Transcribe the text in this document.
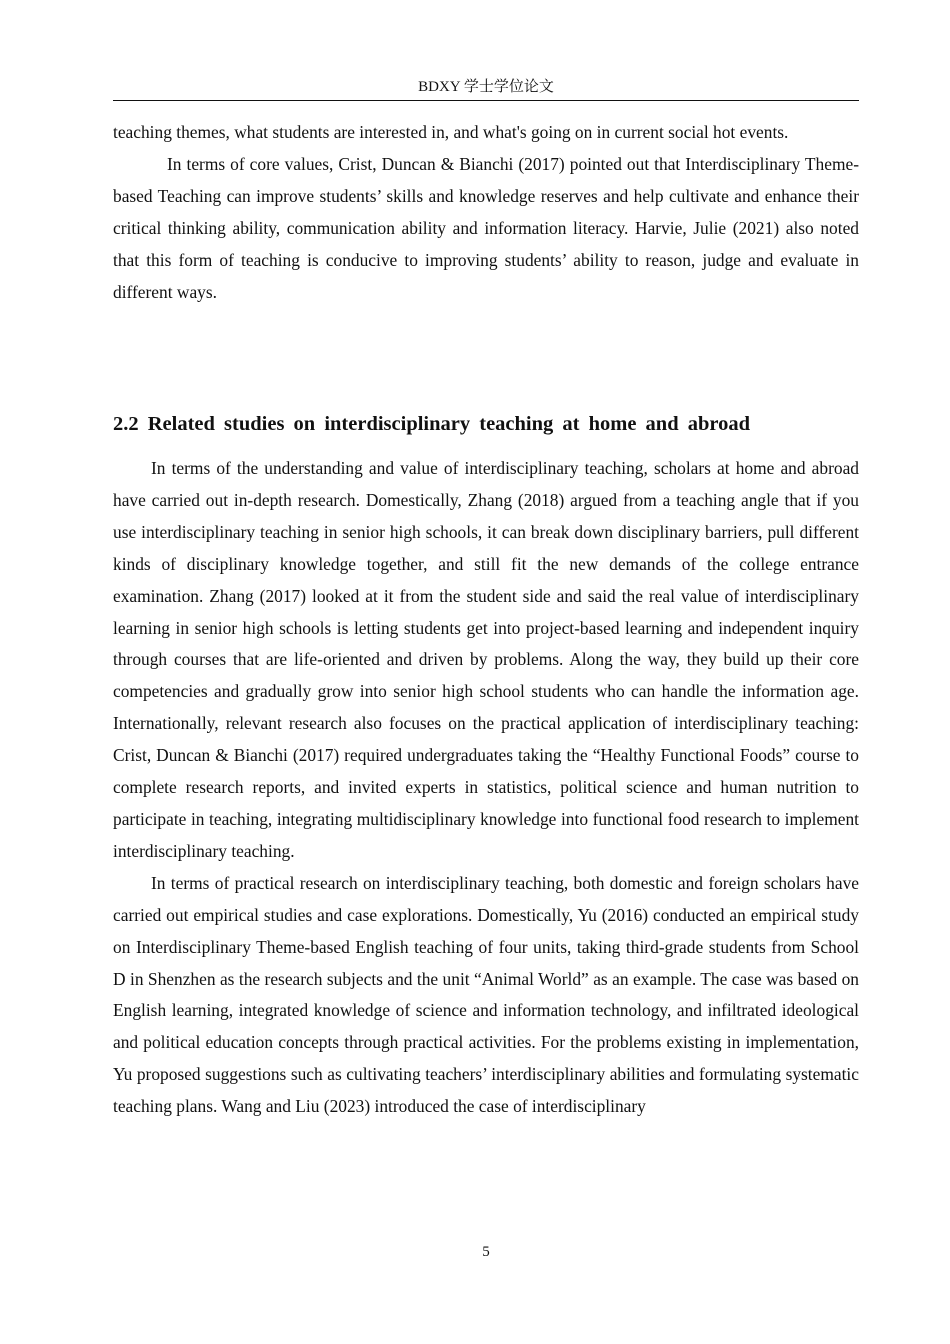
BDXY 学士学位论文

teaching themes, what students are interested in, and what's going on in current social hot events.

In terms of core values, Crist, Duncan & Bianchi (2017) pointed out that Interdisciplinary Theme-based Teaching can improve students’ skills and knowledge reserves and help cultivate and enhance their critical thinking ability, communication ability and information literacy. Harvie, Julie (2021) also noted that this form of teaching is conducive to improving students’ ability to reason, judge and evaluate in different ways.

2.2 Related studies on interdisciplinary teaching at home and abroad

In terms of the understanding and value of interdisciplinary teaching, scholars at home and abroad have carried out in-depth research. Domestically, Zhang (2018) argued from a teaching angle that if you use interdisciplinary teaching in senior high schools, it can break down disciplinary barriers, pull different kinds of disciplinary knowledge together, and still fit the new demands of the college entrance examination. Zhang (2017) looked at it from the student side and said the real value of interdisciplinary learning in senior high schools is letting students get into project-based learning and independent inquiry through courses that are life-oriented and driven by problems. Along the way, they build up their core competencies and gradually grow into senior high school students who can handle the information age. Internationally, relevant research also focuses on the practical application of interdisciplinary teaching: Crist, Duncan & Bianchi (2017) required undergraduates taking the “Healthy Functional Foods” course to complete research reports, and invited experts in statistics, political science and human nutrition to participate in teaching, integrating multidisciplinary knowledge into functional food research to implement interdisciplinary teaching.

In terms of practical research on interdisciplinary teaching, both domestic and foreign scholars have carried out empirical studies and case explorations. Domestically, Yu (2016) conducted an empirical study on Interdisciplinary Theme-based English teaching of four units, taking third-grade students from School D in Shenzhen as the research subjects and the unit “Animal World” as an example. The case was based on English learning, integrated knowledge of science and information technology, and infiltrated ideological and political education concepts through practical activities. For the problems existing in implementation, Yu proposed suggestions such as cultivating teachers’ interdisciplinary abilities and formulating systematic teaching plans. Wang and Liu (2023) introduced the case of interdisciplinary

5
